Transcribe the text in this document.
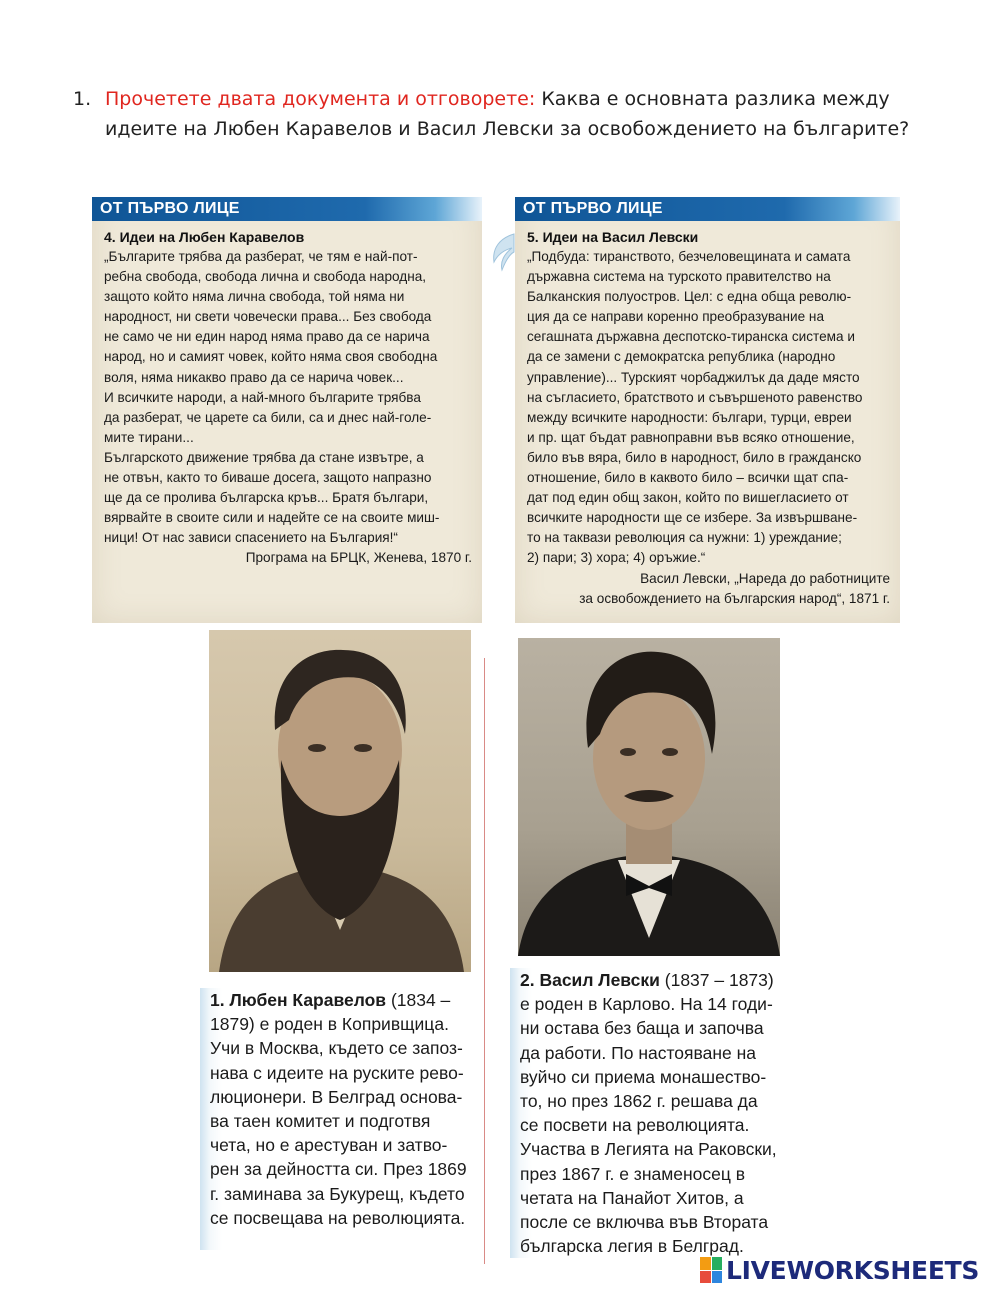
1. Прочетете двата документа и отговорете: Каква е основната разлика между идеите на Любен Каравелов и Васил Левски за освобождението на българите?
ОТ ПЪРВО ЛИЦЕ
4. Идеи на Любен Каравелов
„Българите трябва да разберат, че тям е най-пот-
ребна свобода, свобода лична и свобода народна,
защото който няма лична свобода, той няма ни
народност, ни свети човечески права... Без свобода
не само че ни един народ няма право да се нарича
народ, но и самият човек, който няма своя свободна
воля, няма никакво право да се нарича човек...
И всичките народи, а най-много българите трябва
да разберат, че царете са били, са и днес най-голе-
мите тирани...
Българското движение трябва да стане извътре, а
не отвън, както то биваше досега, защото напразно
ще да се пролива българска кръв... Братя българи,
вярвайте в своите сили и надейте се на своите миш-
ници! От нас зависи спасението на България!“
Програма на БРЦК, Женева, 1870 г.
ОТ ПЪРВО ЛИЦЕ
5. Идеи на Васил Левски
„Подбуда: тиранството, безчеловещината и самата
държавна система на турското правителство на
Балканския полуостров. Цел: с една обща револю-
ция да се направи коренно преобразувание на
сегашната държавна деспотско-тиранска система и
да се замени с демократска република (народно
управление)... Турският чорбаджилък да даде място
на съгласието, братството и съвършеното равенство
между всичките народности: българи, турци, евреи
и пр. щат бъдат равноправни във всяко отношение,
било във вяра, било в народност, било в гражданско
отношение, било в каквото било – всички щат спа-
дат под един общ закон, който по вишегласието от
всичките народности ще се избере. За извършване-
то на таквази революция са нужни: 1) уреждание;
2) пари; 3) хора; 4) оръжие.“
Васил Левски, „Нареда до работниците
за освобождението на българския народ“, 1871 г.
1. Любен Каравелов (1834 –
1879) е роден в Копривщица.
Учи в Москва, където се запоз-
нава с идеите на руските рево-
люционери. В Белград основа-
ва таен комитет и подготвя
чета, но е арестуван и затво-
рен за дейността си. През 1869
г. заминава за Букурещ, където
се посвещава на революцията.
2. Васил Левски (1837 – 1873)
е роден в Карлово. На 14 годи-
ни остава без баща и започва
да работи. По настояване на
вуйчо си приема монашество-
то, но през 1862 г. решава да
се посвети на революцията.
Участва в Легията на Раковски,
през 1867 г. е знаменосец в
четата на Панайот Хитов, а
после се включва във Втората
българска легия в Белград.
LIVEWORKSHEETS
